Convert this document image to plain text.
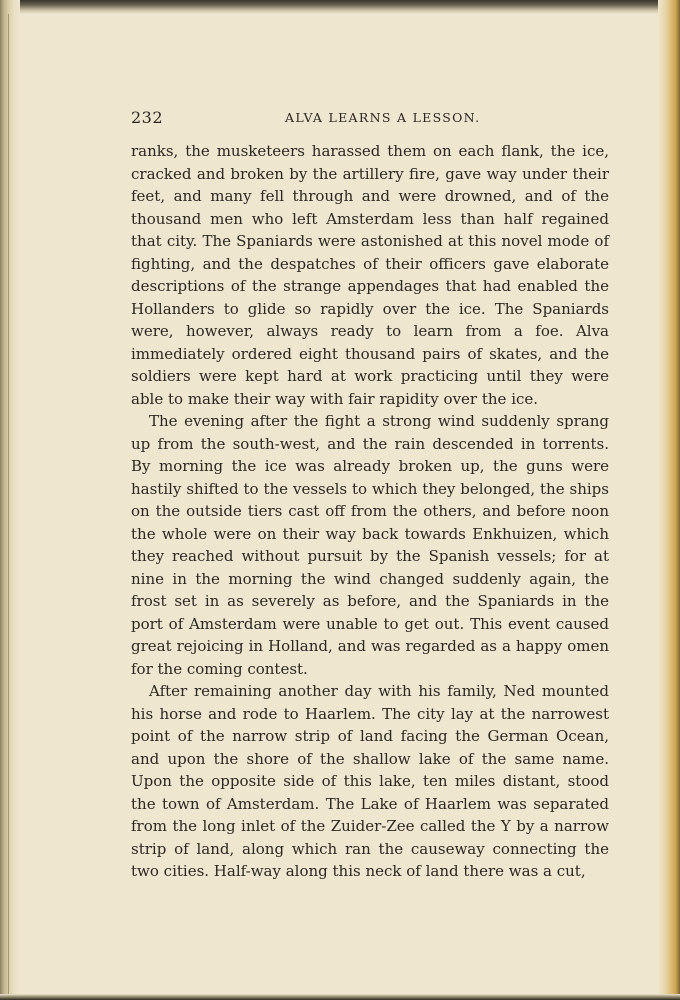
232	ALVA LEARNS A LESSON.

ranks, the musketeers harassed them on each flank, the ice, cracked and broken by the artillery fire, gave way under their feet, and many fell through and were drowned, and of the thousand men who left Amsterdam less than half regained that city. The Spaniards were astonished at this novel mode of fighting, and the despatches of their officers gave elaborate descriptions of the strange appendages that had enabled the Hollanders to glide so rapidly over the ice. The Spaniards were, however, always ready to learn from a foe. Alva immediately ordered eight thousand pairs of skates, and the soldiers were kept hard at work practicing until they were able to make their way with fair rapidity over the ice.

The evening after the fight a strong wind suddenly sprang up from the south-west, and the rain descended in torrents. By morning the ice was already broken up, the guns were hastily shifted to the vessels to which they belonged, the ships on the outside tiers cast off from the others, and before noon the whole were on their way back towards Enkhuizen, which they reached without pursuit by the Spanish vessels; for at nine in the morning the wind changed suddenly again, the frost set in as severely as before, and the Spaniards in the port of Amsterdam were unable to get out. This event caused great rejoicing in Holland, and was regarded as a happy omen for the coming contest.

After remaining another day with his family, Ned mounted his horse and rode to Haarlem. The city lay at the narrowest point of the narrow strip of land facing the German Ocean, and upon the shore of the shallow lake of the same name. Upon the opposite side of this lake, ten miles distant, stood the town of Amsterdam. The Lake of Haarlem was separated from the long inlet of the Zuider-Zee called the Y by a narrow strip of land, along which ran the causeway connecting the two cities. Half-way along this neck of land there was a cut,
